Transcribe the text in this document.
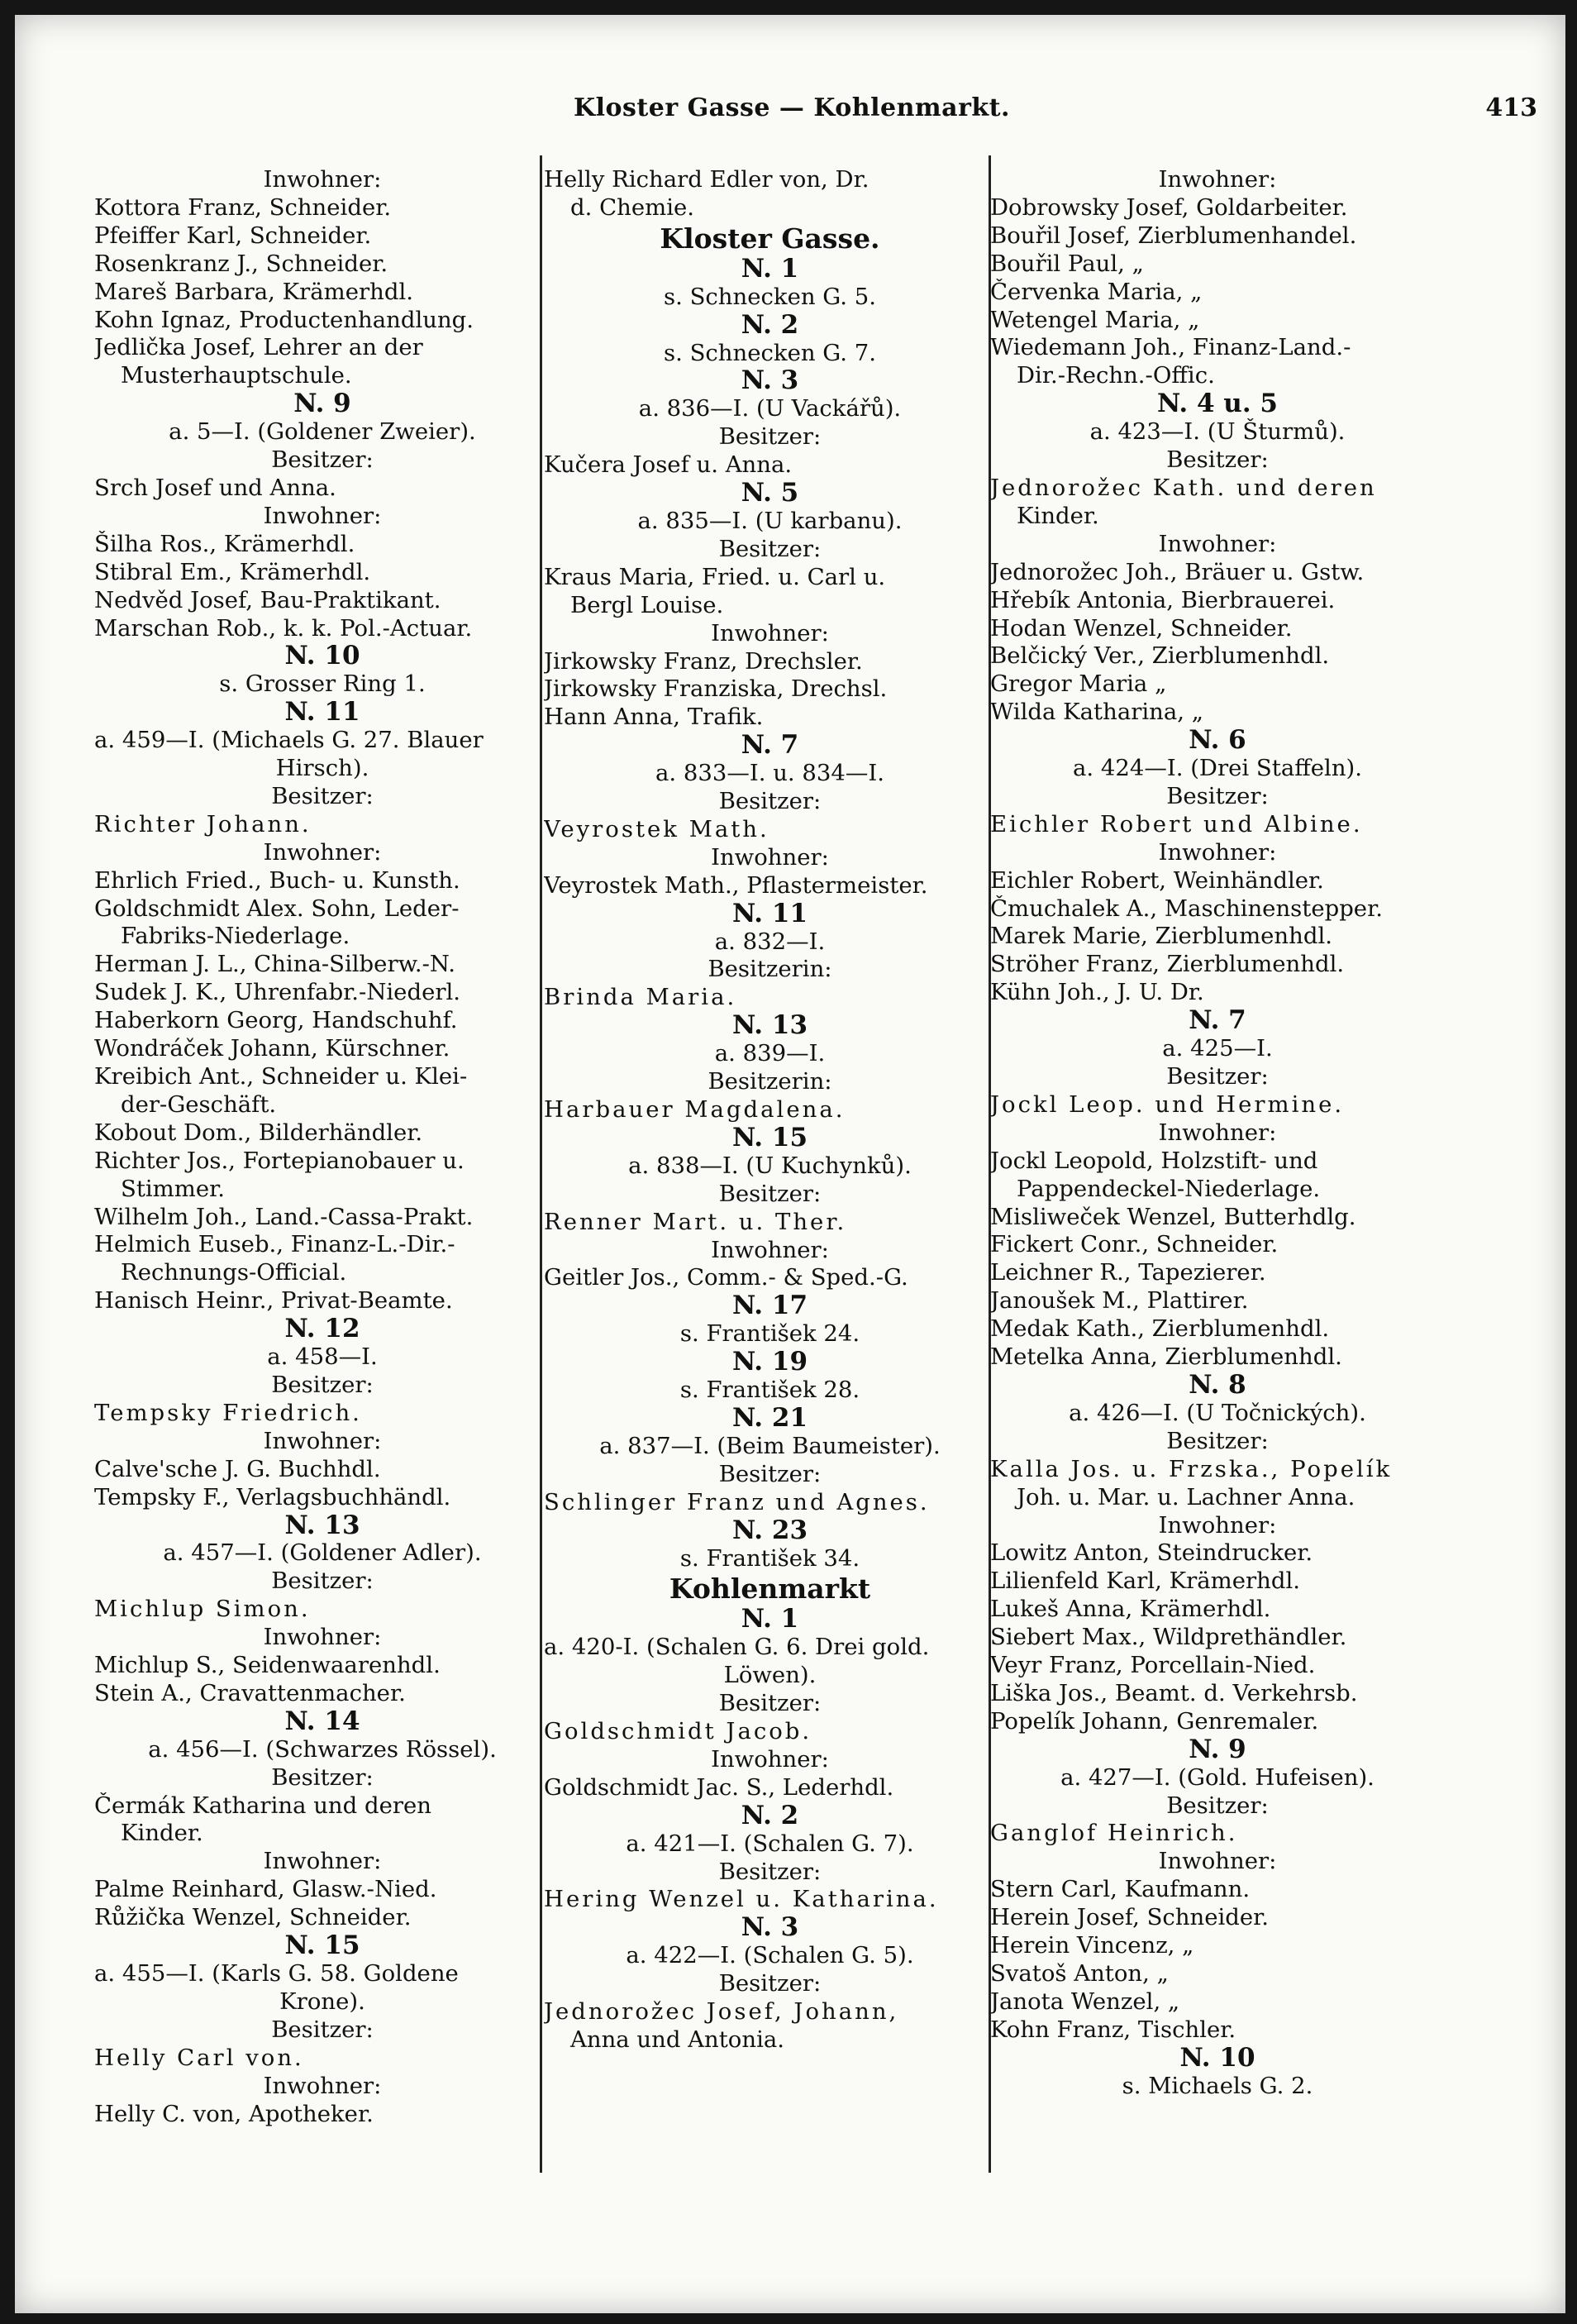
Kloster Gasse — Kohlenmarkt.	413
Inwohner:
Kottora Franz, Schneider.
Pfeiffer Karl, Schneider.
Rosenkranz J., Schneider.
Mareš Barbara, Krämerhdl.
Kohn Ignaz, Productenhandlung.
Jedlička Josef, Lehrer an der
Musterhauptschule.
N. 9
a. 5—I. (Goldener Zweier).
Besitzer:
Srch Josef und Anna.
Inwohner:
Šilha Ros., Krämerhdl.
Stibral Em., Krämerhdl.
Nedvěd Josef, Bau-Praktikant.
Marschan Rob., k. k. Pol.-Actuar.
N. 10
s. Grosser Ring 1.
N. 11
a. 459—I. (Michaels G. 27. Blauer
Hirsch).
Besitzer:
Richter Johann.
Inwohner:
Ehrlich Fried., Buch- u. Kunsth.
Goldschmidt Alex. Sohn, Leder-
Fabriks-Niederlage.
Herman J. L., China-Silberw.-N.
Sudek J. K., Uhrenfabr.-Niederl.
Haberkorn Georg, Handschuhf.
Wondráček Johann, Kürschner.
Kreibich Ant., Schneider u. Klei-
der-Geschäft.
Kobout Dom., Bilderhändler.
Richter Jos., Fortepianobauer u.
Stimmer.
Wilhelm Joh., Land.-Cassa-Prakt.
Helmich Euseb., Finanz-L.-Dir.-
Rechnungs-Official.
Hanisch Heinr., Privat-Beamte.
N. 12
a. 458—I.
Besitzer:
Tempsky Friedrich.
Inwohner:
Calve'sche J. G. Buchhdl.
Tempsky F., Verlagsbuchhändl.
N. 13
a. 457—I. (Goldener Adler).
Besitzer:
Michlup Simon.
Inwohner:
Michlup S., Seidenwaarenhdl.
Stein A., Cravattenmacher.
N. 14
a. 456—I. (Schwarzes Rössel).
Besitzer:
Čermák Katharina und deren
Kinder.
Inwohner:
Palme Reinhard, Glasw.-Nied.
Růžička Wenzel, Schneider.
N. 15
a. 455—I. (Karls G. 58. Goldene
Krone).
Besitzer:
Helly Carl von.
Inwohner:
Helly C. von, Apotheker.
Helly Richard Edler von, Dr.
d. Chemie.
Kloster Gasse.
N. 1
s. Schnecken G. 5.
N. 2
s. Schnecken G. 7.
N. 3
a. 836—I. (U Vackářů).
Besitzer:
Kučera Josef u. Anna.
N. 5
a. 835—I. (U karbanu).
Besitzer:
Kraus Maria, Fried. u. Carl u.
Bergl Louise.
Inwohner:
Jirkowsky Franz, Drechsler.
Jirkowsky Franziska, Drechsl.
Hann Anna, Trafik.
N. 7
a. 833—I. u. 834—I.
Besitzer:
Veyrostek Math.
Inwohner:
Veyrostek Math., Pflastermeister.
N. 11
a. 832—I.
Besitzerin:
Brinda Maria.
N. 13
a. 839—I.
Besitzerin:
Harbauer Magdalena.
N. 15
a. 838—I. (U Kuchynků).
Besitzer:
Renner Mart. u. Ther.
Inwohner:
Geitler Jos., Comm.- & Sped.-G.
N. 17
s. František 24.
N. 19
s. František 28.
N. 21
a. 837—I. (Beim Baumeister).
Besitzer:
Schlinger Franz und Agnes.
N. 23
s. František 34.
Kohlenmarkt
N. 1
a. 420-I. (Schalen G. 6. Drei gold.
Löwen).
Besitzer:
Goldschmidt Jacob.
Inwohner:
Goldschmidt Jac. S., Lederhdl.
N. 2
a. 421—I. (Schalen G. 7).
Besitzer:
Hering Wenzel u. Katharina.
N. 3
a. 422—I. (Schalen G. 5).
Besitzer:
Jednorožec Josef, Johann,
Anna und Antonia.
Inwohner:
Dobrowsky Josef, Goldarbeiter.
Bouřil Josef, Zierblumenhandel.
Bouřil Paul, „
Červenka Maria, „
Wetengel Maria, „
Wiedemann Joh., Finanz-Land.-
Dir.-Rechn.-Offic.
N. 4 u. 5
a. 423—I. (U Šturmů).
Besitzer:
Jednorožec Kath. und deren
Kinder.
Inwohner:
Jednorožec Joh., Bräuer u. Gstw.
Hřebík Antonia, Bierbrauerei.
Hodan Wenzel, Schneider.
Belčický Ver., Zierblumenhdl.
Gregor Maria „
Wilda Katharina, „
N. 6
a. 424—I. (Drei Staffeln).
Besitzer:
Eichler Robert und Albine.
Inwohner:
Eichler Robert, Weinhändler.
Čmuchalek A., Maschinenstepper.
Marek Marie, Zierblumenhdl.
Ströher Franz, Zierblumenhdl.
Kühn Joh., J. U. Dr.
N. 7
a. 425—I.
Besitzer:
Jockl Leop. und Hermine.
Inwohner:
Jockl Leopold, Holzstift- und
Pappendeckel-Niederlage.
Misliweček Wenzel, Butterhdlg.
Fickert Conr., Schneider.
Leichner R., Tapezierer.
Janoušek M., Plattirer.
Medak Kath., Zierblumenhdl.
Metelka Anna, Zierblumenhdl.
N. 8
a. 426—I. (U Točnických).
Besitzer:
Kalla Jos. u. Frzska., Popelík
Joh. u. Mar. u. Lachner Anna.
Inwohner:
Lowitz Anton, Steindrucker.
Lilienfeld Karl, Krämerhdl.
Lukeš Anna, Krämerhdl.
Siebert Max., Wildprethändler.
Veyr Franz, Porcellain-Nied.
Liška Jos., Beamt. d. Verkehrsb.
Popelík Johann, Genremaler.
N. 9
a. 427—I. (Gold. Hufeisen).
Besitzer:
Ganglof Heinrich.
Inwohner:
Stern Carl, Kaufmann.
Herein Josef, Schneider.
Herein Vincenz, „
Svatoš Anton, „
Janota Wenzel, „
Kohn Franz, Tischler.
N. 10
s. Michaels G. 2.
